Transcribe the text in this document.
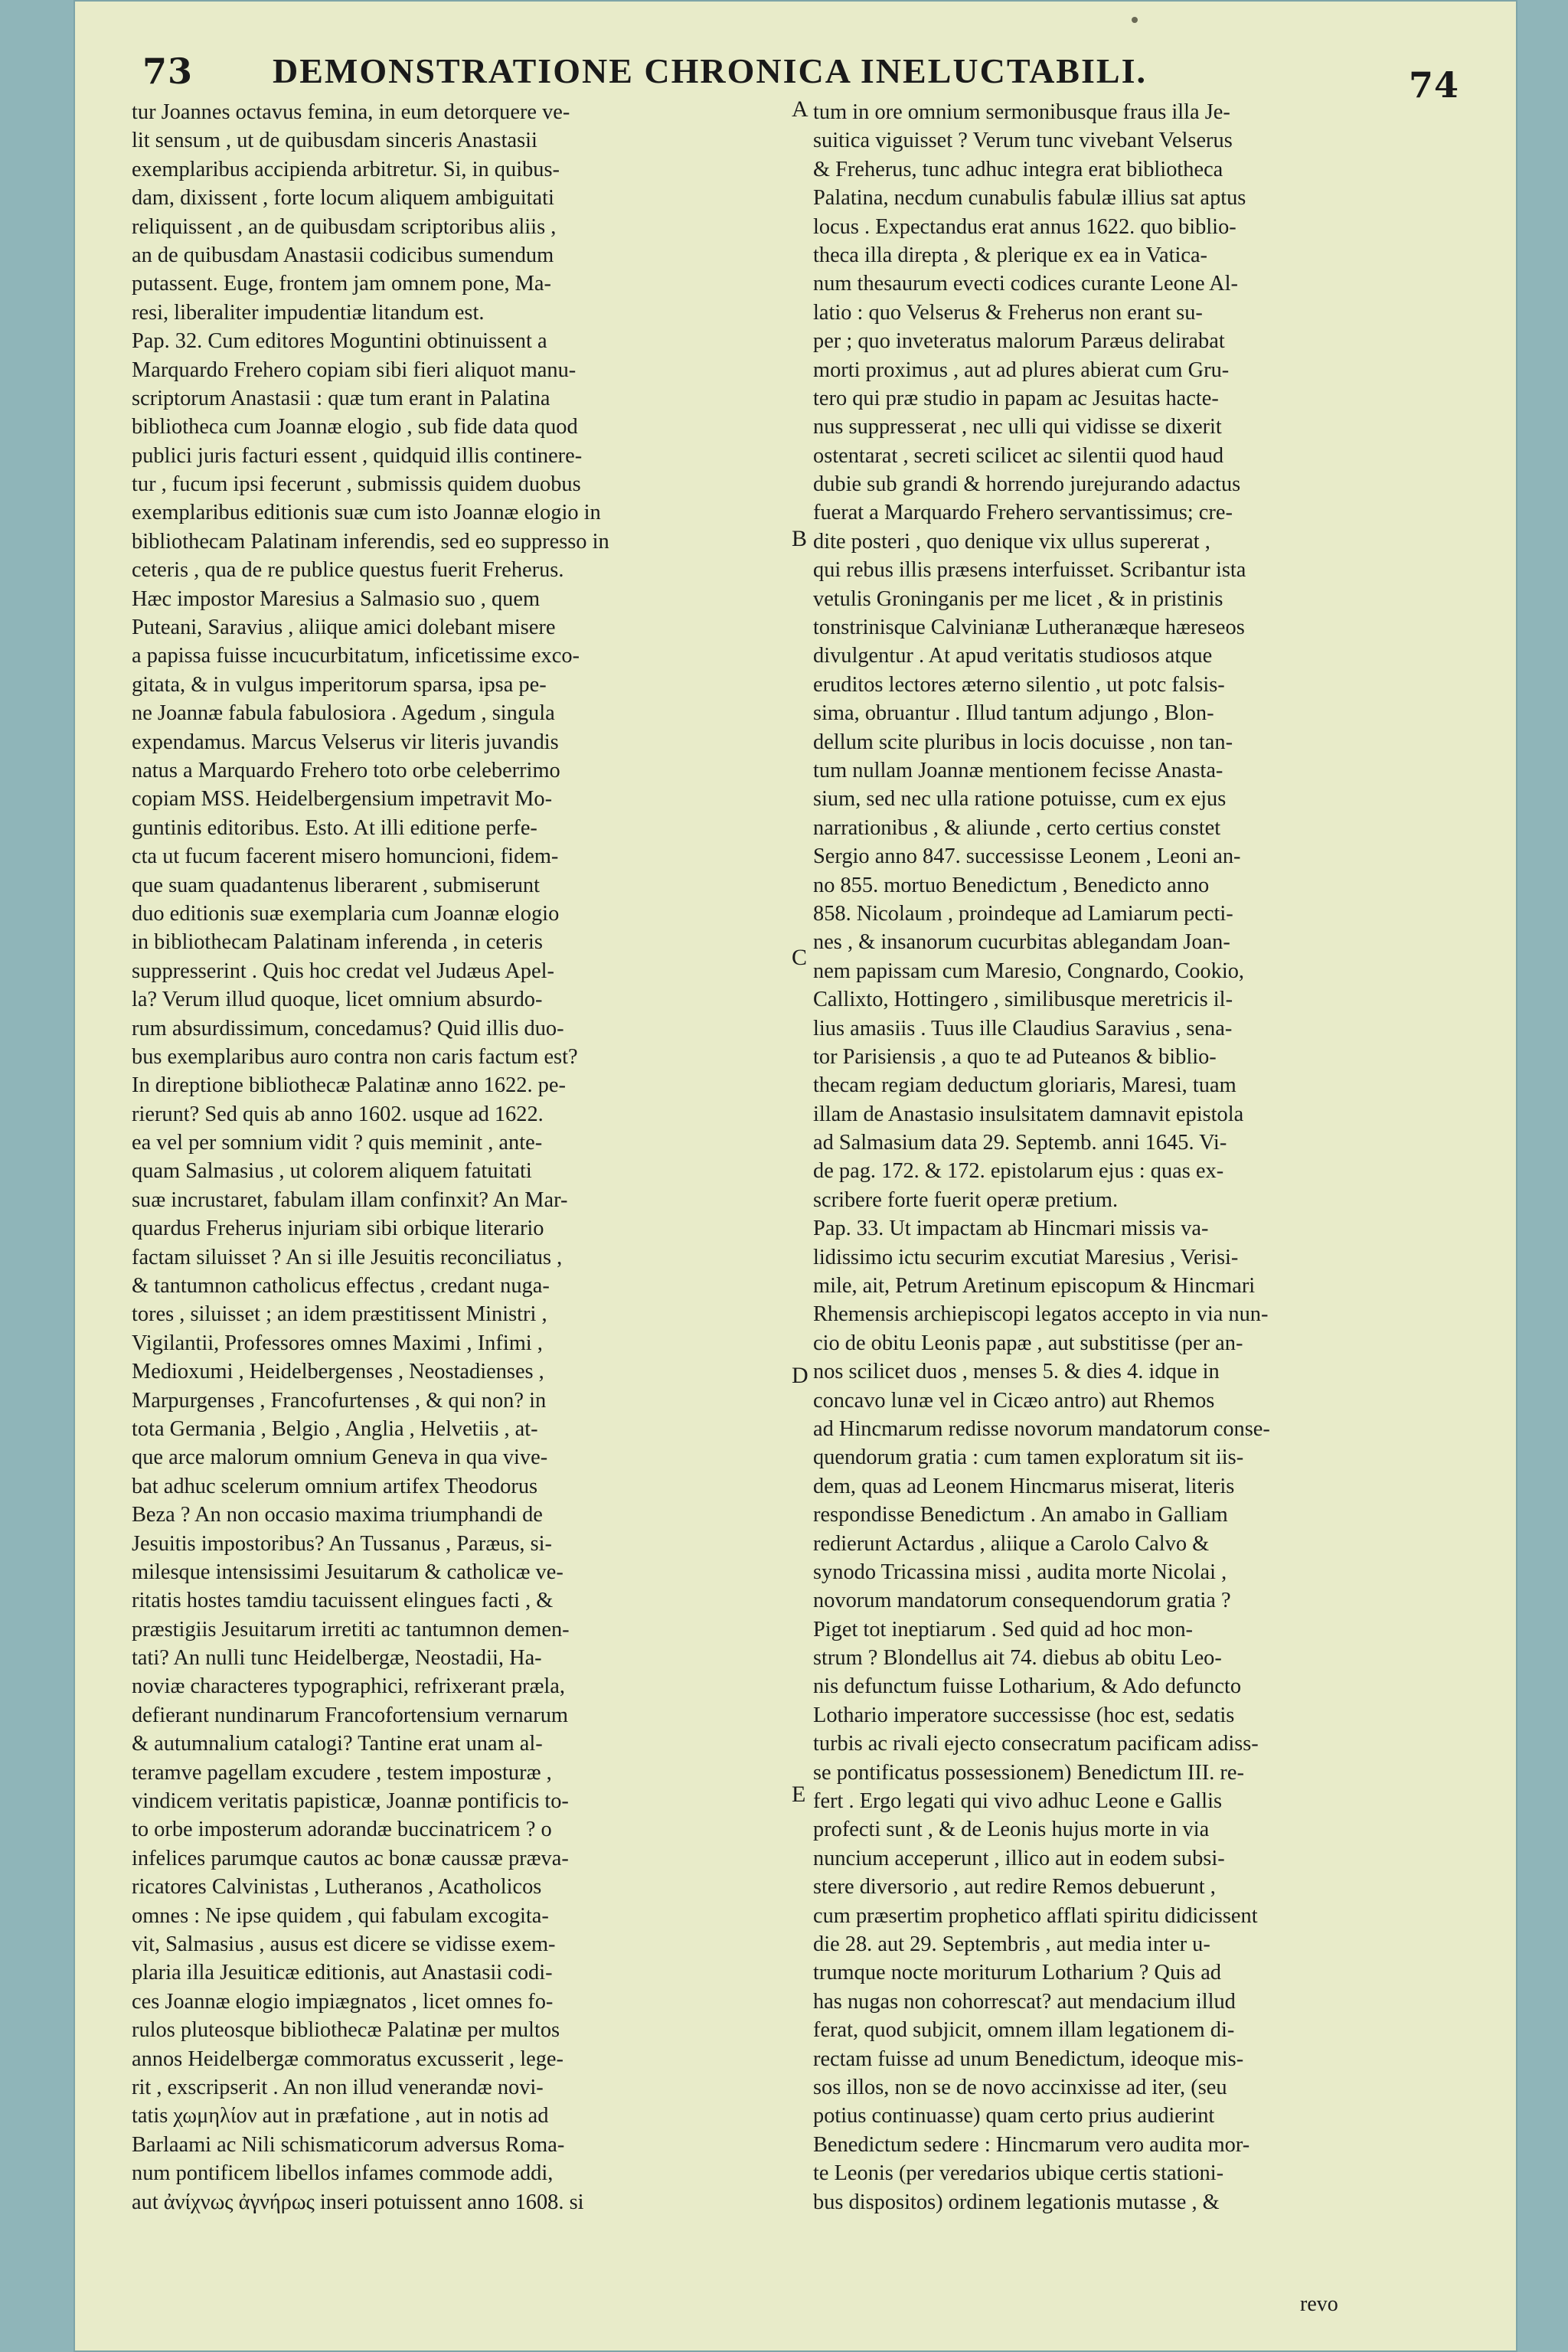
73 DEMONSTRATIONE CHRONICA INELUCTABILI.	74
tur Joannes octavus femina, in eum detorquere ve-
lit sensum , ut de quibusdam sinceris Anastasii
exemplaribus accipienda arbitretur. Si, in quibus-
dam, dixissent , forte locum aliquem ambiguitati
reliquissent , an de quibusdam scriptoribus aliis ,
an de quibusdam Anastasii codicibus sumendum
putassent. Euge, frontem jam omnem pone, Ma-
resi, liberaliter impudentiæ litandum est.
Pap. 32. Cum editores Moguntini obtinuissent a
Marquardo Frehero copiam sibi fieri aliquot manu-
scriptorum Anastasii : quæ tum erant in Palatina
bibliotheca cum Joannæ elogio , sub fide data quod
publici juris facturi essent , quidquid illis continere-
tur , fucum ipsi fecerunt , submissis quidem duobus
exemplaribus editionis suæ cum isto Joannæ elogio in
bibliothecam Palatinam inferendis, sed eo suppresso in
ceteris , qua de re publice questus fuerit Freherus.
Hæc impostor Maresius a Salmasio suo , quem
Puteani, Saravius , aliique amici dolebant misere
a papissa fuisse incucurbitatum, inficetissime exco-
gitata, & in vulgus imperitorum sparsa, ipsa pe-
ne Joannæ fabula fabulosiora . Agedum , singula
expendamus. Marcus Velserus vir literis juvandis
natus a Marquardo Frehero toto orbe celeberrimo
copiam MSS. Heidelbergensium impetravit Mo-
guntinis editoribus. Esto. At illi editione perfe-
cta ut fucum facerent misero homuncioni, fidem-
que suam quadantenus liberarent , submiserunt
duo editionis suæ exemplaria cum Joannæ elogio
in bibliothecam Palatinam inferenda , in ceteris
suppresserint . Quis hoc credat vel Judæus Apel-
la? Verum illud quoque, licet omnium absurdo-
rum absurdissimum, concedamus? Quid illis duo-
bus exemplaribus auro contra non caris factum est?
In direptione bibliothecæ Palatinæ anno 1622. pe-
rierunt? Sed quis ab anno 1602. usque ad 1622.
ea vel per somnium vidit ? quis meminit , ante-
quam Salmasius , ut colorem aliquem fatuitati
suæ incrustaret, fabulam illam confinxit? An Mar-
quardus Freherus injuriam sibi orbique literario
factam siluisset ? An si ille Jesuitis reconciliatus ,
& tantumnon catholicus effectus , credant nuga-
tores , siluisset ; an idem præstitissent Ministri ,
Vigilantii, Professores omnes Maximi , Infimi ,
Medioxumi , Heidelbergenses , Neostadienses ,
Marpurgenses , Francofurtenses , & qui non? in
tota Germania , Belgio , Anglia , Helvetiis , at-
que arce malorum omnium Geneva in qua vive-
bat adhuc scelerum omnium artifex Theodorus
Beza ? An non occasio maxima triumphandi de
Jesuitis impostoribus? An Tussanus , Paræus, si-
milesque intensissimi Jesuitarum & catholicæ ve-
ritatis hostes tamdiu tacuissent elingues facti , &
præstigiis Jesuitarum irretiti ac tantumnon demen-
tati? An nulli tunc Heidelbergæ, Neostadii, Ha-
noviæ characteres typographici, refrixerant præla,
defierant nundinarum Francofortensium vernarum
& autumnalium catalogi? Tantine erat unam al-
teramve pagellam excudere , testem imposturæ ,
vindicem veritatis papisticæ, Joannæ pontificis to-
to orbe imposterum adorandæ buccinatricem ? o
infelices parumque cautos ac bonæ caussæ præva-
ricatores Calvinistas , Lutheranos , Acatholicos
omnes : Ne ipse quidem , qui fabulam excogita-
vit, Salmasius , ausus est dicere se vidisse exem-
plaria illa Jesuiticæ editionis, aut Anastasii codi-
ces Joannæ elogio impiægnatos , licet omnes fo-
rulos pluteosque bibliothecæ Palatinæ per multos
annos Heidelbergæ commoratus excusserit , lege-
rit , exscripserit . An non illud venerandæ novi-
tatis χωμηλίον aut in præfatione , aut in notis ad
Barlaami ac Nili schismaticorum adversus Roma-
num pontificem libellos infames commode addi,
aut ἀνίχνως ἀγνήρως inseri potuissent anno 1608. si
tum in ore omnium sermonibusque fraus illa Je-
suitica viguisset ? Verum tunc vivebant Velserus
& Freherus, tunc adhuc integra erat bibliotheca
Palatina, necdum cunabulis fabulæ illius sat aptus
locus . Expectandus erat annus 1622. quo biblio-
theca illa direpta , & plerique ex ea in Vatica-
num thesaurum evecti codices curante Leone Al-
latio : quo Velserus & Freherus non erant su-
per ; quo inveteratus malorum Paræus delirabat
morti proximus , aut ad plures abierat cum Gru-
tero qui præ studio in papam ac Jesuitas hacte-
nus suppresserat , nec ulli qui vidisse se dixerit
ostentarat , secreti scilicet ac silentii quod haud
dubie sub grandi & horrendo jurejurando adactus
fuerat a Marquardo Frehero servantissimus; cre-
dite posteri , quo denique vix ullus supererat ,
qui rebus illis præsens interfuisset. Scribantur ista
vetulis Groninganis per me licet , & in pristinis
tonstrinisque Calvinianæ Lutheranæque hæreseos
divulgentur . At apud veritatis studiosos atque
eruditos lectores æterno silentio , ut potc falsis-
sima, obruantur . Illud tantum adjungo , Blon-
dellum scite pluribus in locis docuisse , non tan-
tum nullam Joannæ mentionem fecisse Anasta-
sium, sed nec ulla ratione potuisse, cum ex ejus
narrationibus , & aliunde , certo certius constet
Sergio anno 847. successisse Leonem , Leoni an-
no 855. mortuo Benedictum , Benedicto anno
858. Nicolaum , proindeque ad Lamiarum pecti-
nes , & insanorum cucurbitas ablegandam Joan-
nem papissam cum Maresio, Congnardo, Cookio,
Callixto, Hottingero , similibusque meretricis il-
lius amasiis . Tuus ille Claudius Saravius , sena-
tor Parisiensis , a quo te ad Puteanos & biblio-
thecam regiam deductum gloriaris, Maresi, tuam
illam de Anastasio insulsitatem damnavit epistola
ad Salmasium data 29. Septemb. anni 1645. Vi-
de pag. 172. & 172. epistolarum ejus : quas ex-
scribere forte fuerit operæ pretium.
Pap. 33. Ut impactam ab Hincmari missis va-
lidissimo ictu securim excutiat Maresius , Verisi-
mile, ait, Petrum Aretinum episcopum & Hincmari
Rhemensis archiepiscopi legatos accepto in via nun-
cio de obitu Leonis papæ , aut substitisse (per an-
nos scilicet duos , menses 5. & dies 4. idque in
concavo lunæ vel in Cicæo antro) aut Rhemos
ad Hincmarum redisse novorum mandatorum conse-
quendorum gratia : cum tamen exploratum sit iis-
dem, quas ad Leonem Hincmarus miserat, literis
respondisse Benedictum . An amabo in Galliam
redierunt Actardus , aliique a Carolo Calvo &
synodo Tricassina missi , audita morte Nicolai ,
novorum mandatorum consequendorum gratia ?
Piget tot ineptiarum . Sed quid ad hoc mon-
strum ? Blondellus ait 74. diebus ab obitu Leo-
nis defunctum fuisse Lotharium, & Ado defuncto
Lothario imperatore successisse (hoc est, sedatis
turbis ac rivali ejecto consecratum pacificam adiss-
se pontificatus possessionem) Benedictum III. re-
fert . Ergo legati qui vivo adhuc Leone e Gallis
profecti sunt , & de Leonis hujus morte in via
nuncium acceperunt , illico aut in eodem subsi-
stere diversorio , aut redire Remos debuerunt ,
cum præsertim prophetico afflati spiritu didicissent
die 28. aut 29. Septembris , aut media inter u-
trumque nocte moriturum Lotharium ? Quis ad
has nugas non cohorrescat? aut mendacium illud
ferat, quod subjicit, omnem illam legationem di-
rectam fuisse ad unum Benedictum, ideoque mis-
sos illos, non se de novo accinxisse ad iter, (seu
potius continuasse) quam certo prius audierint
Benedictum sedere : Hincmarum vero audita mor-
te Leonis (per veredarios ubique certis stationi-
bus dispositos) ordinem legationis mutasse , &
A
B
C
D
E
revo
